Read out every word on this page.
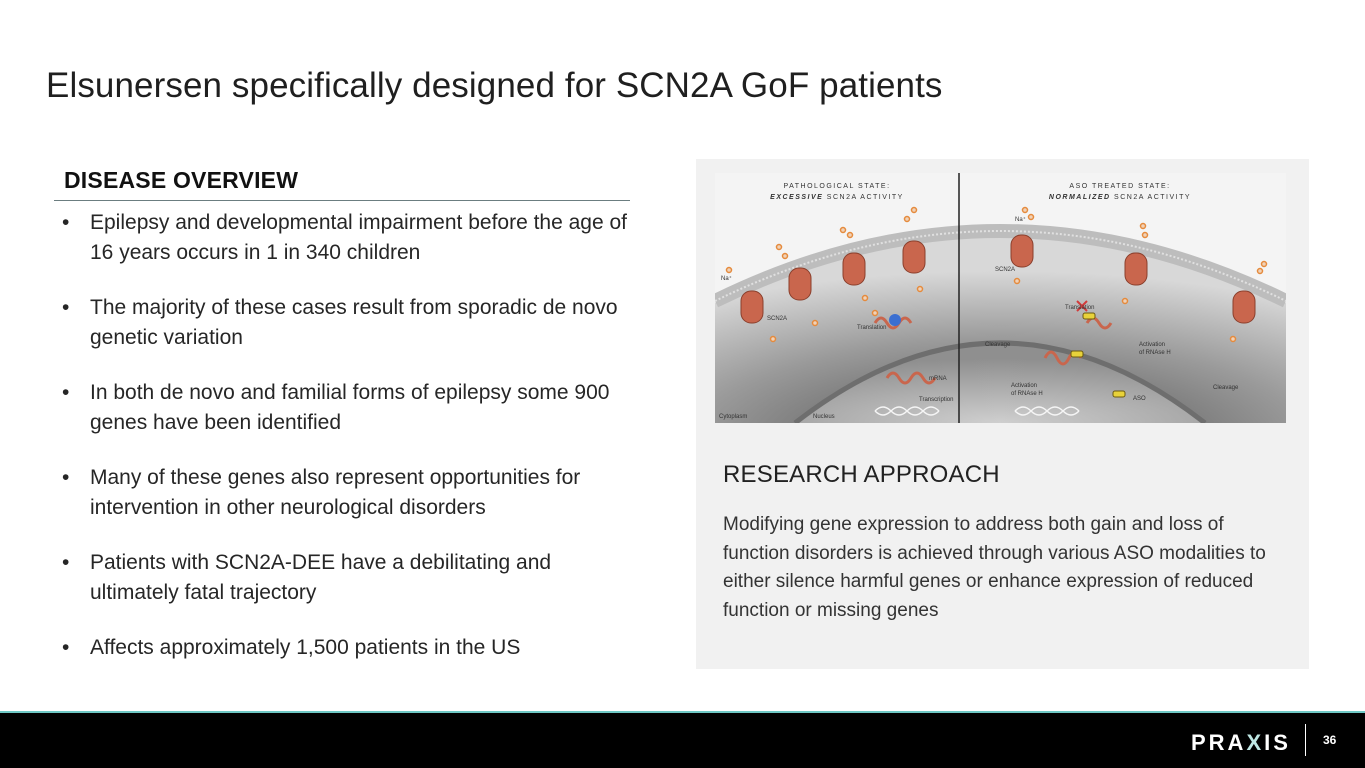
Elsunersen specifically designed for SCN2A GoF patients
DISEASE OVERVIEW
• Epilepsy and developmental impairment before the age of 16 years occurs in 1 in 340 children
• The majority of these cases result from sporadic de novo genetic variation
• In both de novo and familial forms of epilepsy some 900 genes have been identified
• Many of these genes also represent opportunities for intervention in other neurological disorders
• Patients with SCN2A-DEE have a debilitating and ultimately fatal trajectory
• Affects approximately 1,500 patients in the US
PATHOLOGICAL STATE:
EXCESSIVE SCN2A ACTIVITY
ASO TREATED STATE:
NORMALIZED SCN2A ACTIVITY
Na⁺
Na⁺
SCN2A
SCN2A
Translation
Translation
mRNA
Transcription
Cytoplasm	Nucleus
Cleavage
Cleavage
Activation
of RNAse H
Activation
of RNAse H
ASO
RESEARCH APPROACH

Modifying gene expression to address both gain and loss of function disorders is achieved through various ASO modalities to either silence harmful genes or enhance expression of reduced function or missing genes

PRAXIS	36
